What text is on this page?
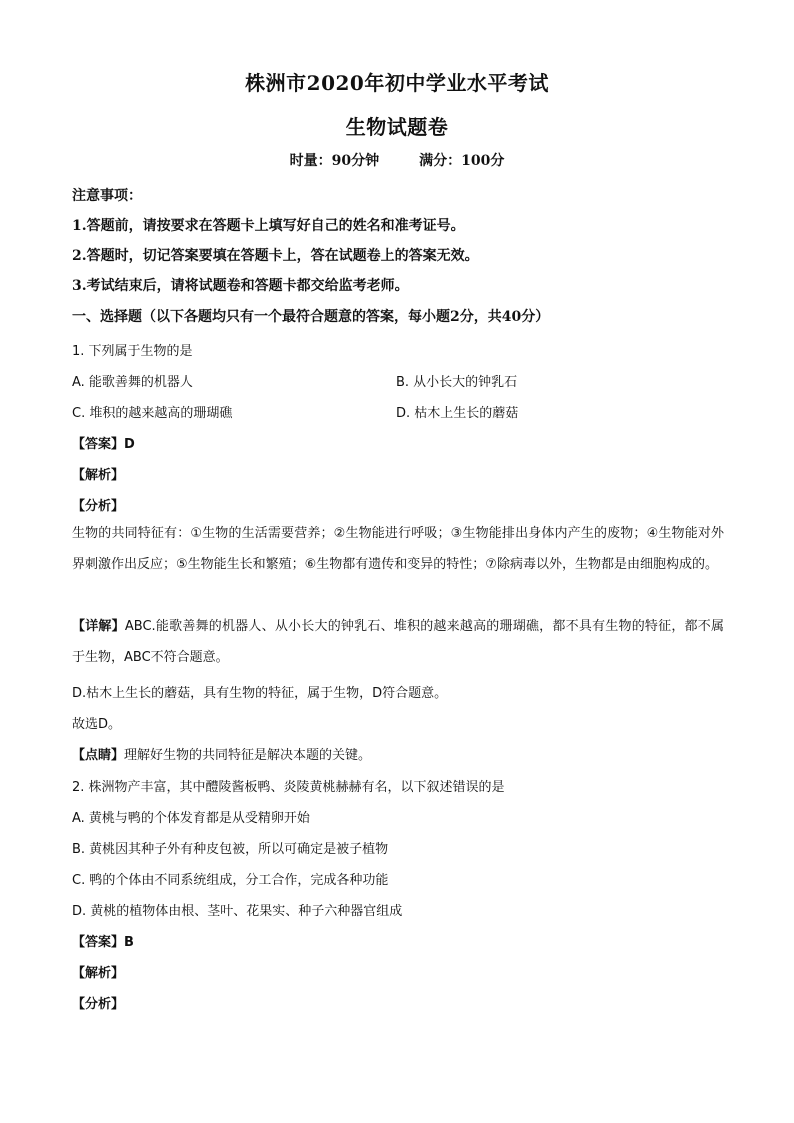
株洲市2020年初中学业水平考试
生物试题卷
时量：90分钟	满分：100分
注意事项：
1.答题前，请按要求在答题卡上填写好自己的姓名和准考证号。
2.答题时，切记答案要填在答题卡上，答在试题卷上的答案无效。
3.考试结束后，请将试题卷和答题卡都交给监考老师。
一、选择题（以下各题均只有一个最符合题意的答案，每小题2分，共40分）
1. 下列属于生物的是
A. 能歌善舞的机器人	B. 从小长大的钟乳石
C. 堆积的越来越高的珊瑚礁	D. 枯木上生长的蘑菇
【答案】D
【解析】
【分析】
生物的共同特征有：①生物的生活需要营养；②生物能进行呼吸；③生物能排出身体内产生的废物；④生物能对外界刺激作出反应；⑤生物能生长和繁殖；⑥生物都有遗传和变异的特性；⑦除病毒以外，生物都是由细胞构成的。
【详解】ABC.能歌善舞的机器人、从小长大的钟乳石、堆积的越来越高的珊瑚礁，都不具有生物的特征，都不属于生物，ABC不符合题意。
D.枯木上生长的蘑菇，具有生物的特征，属于生物，D符合题意。
故选D。
【点睛】理解好生物的共同特征是解决本题的关键。
2. 株洲物产丰富，其中醴陵酱板鸭、炎陵黄桃赫赫有名，以下叙述错误的是
A. 黄桃与鸭的个体发育都是从受精卵开始
B. 黄桃因其种子外有种皮包被，所以可确定是被子植物
C. 鸭的个体由不同系统组成，分工合作，完成各种功能
D. 黄桃的植物体由根、茎叶、花果实、种子六种器官组成
【答案】B
【解析】
【分析】
